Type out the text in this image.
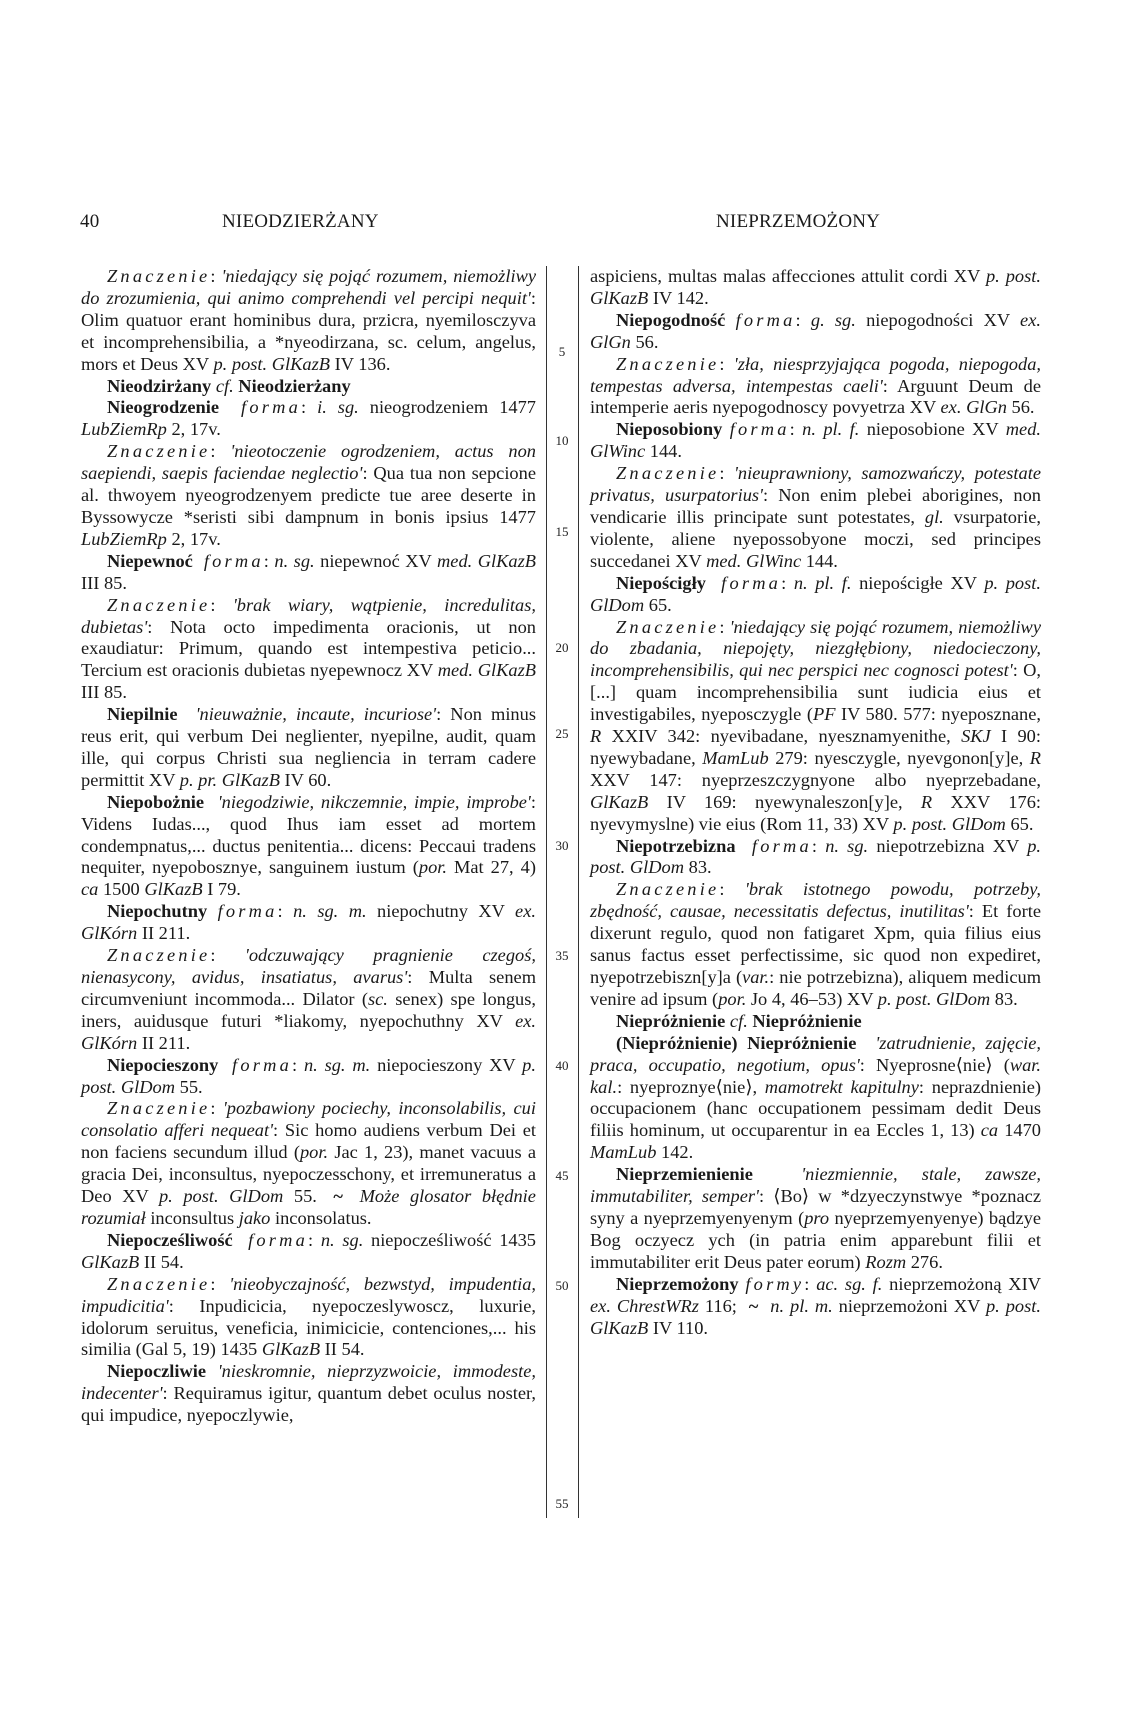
40	NIEODZIERŻANY	NIEPRZEMOŻONY
5
10
15
20
25
30
35
40
45
50
55

Znaczenie: 'niedający się pojąć rozumem, niemożliwy do zrozumienia, qui animo comprehendi vel percipi nequit': Olim quatuor erant hominibus dura, przicra, nyemilosczyva et incomprehensibilia, a *nyeodirzana, sc. celum, angelus, mors et Deus XV p. post. GlKazB IV 136.

Nieodzirżany cf. Nieodzierżany

Nieogrodzenie forma: i. sg. nieogrodzeniem 1477 LubZiemRp 2, 17v.

Znaczenie: 'nieotoczenie ogrodzeniem, actus non saepiendi, saepis faciendae neglectio': Qua tua non sepcione al. thwoyem nyeogrodzenyem predicte tue aree deserte in Byssowycze *seristi sibi dampnum in bonis ipsius 1477 LubZiemRp 2, 17v.

Niepewnoć forma: n. sg. niepewnoć XV med. GlKazB III 85.

Znaczenie: 'brak wiary, wątpienie, incredulitas, dubietas': Nota octo impedimenta oracionis, ut non exaudiatur: Primum, quando est intempestiva peticio... Tercium est oracionis dubietas nyepewnocz XV med. GlKazB III 85.

Niepilnie 'nieuważnie, incaute, incuriose': Non minus reus erit, qui verbum Dei neglienter, nyepilne, audit, quam ille, qui corpus Christi sua negliencia in terram cadere permittit XV p. pr. GlKazB IV 60.

Niepobożnie 'niegodziwie, nikczemnie, impie, improbe': Videns Iudas..., quod Ihus iam esset ad mortem condempnatus,... ductus penitentia... dicens: Peccaui tradens nequiter, nyepobosznye, sanguinem iustum (por. Mat 27, 4) ca 1500 GlKazB I 79.

Niepochutny forma: n. sg. m. niepochutny XV ex. GlKórn II 211.

Znaczenie: 'odczuwający pragnienie czegoś, nienasycony, avidus, insatiatus, avarus': Multa senem circumveniunt incommoda... Dilator (sc. senex) spe longus, iners, auidusque futuri *liakomy, nyepochuthny XV ex. GlKórn II 211.

Niepocieszony forma: n. sg. m. niepocieszony XV p. post. GlDom 55.

Znaczenie: 'pozbawiony pociechy, inconsolabilis, cui consolatio afferi nequeat': Sic homo audiens verbum Dei et non faciens secundum illud (por. Jac 1, 23), manet vacuus a gracia Dei, inconsultus, nyepoczesschony, et irremuneratus a Deo XV p. post. GlDom 55. ~ Może glosator błędnie rozumiał inconsultus jako inconsolatus.

Niepocześliwość forma: n. sg. niepocześliwość 1435 GlKazB II 54.

Znaczenie: 'nieobyczajność, bezwstyd, impudentia, impudicitia': Inpudicicia, nyepoczeslywoscz, luxurie, idolorum seruitus, veneficia, inimicicie, contenciones,... his similia (Gal 5, 19) 1435 GlKazB II 54.

Niepoczliwie 'nieskromnie, nieprzyzwoicie, immodeste, indecenter': Requiramus igitur, quantum debet oculus noster, qui impudice, nyepoczlywie,

aspiciens, multas malas affecciones attulit cordi XV p. post. GlKazB IV 142.

Niepogodność forma: g. sg. niepogodności XV ex. GlGn 56.

Znaczenie: 'zła, niesprzyjająca pogoda, niepogoda, tempestas adversa, intempestas caeli': Arguunt Deum de intemperie aeris nyepogodnoscy povyetrza XV ex. GlGn 56.

Nieposobiony forma: n. pl. f. nieposobione XV med. GlWinc 144.

Znaczenie: 'nieuprawniony, samozwańczy, potestate privatus, usurpatorius': Non enim plebei aborigines, non vendicarie illis principate sunt potestates, gl. vsurpatorie, violente, aliene nyepossobyone moczi, sed principes succedanei XV med. GlWinc 144.

Niepościgły forma: n. pl. f. niepościgłe XV p. post. GlDom 65.

Znaczenie: 'niedający się pojąć rozumem, niemożliwy do zbadania, niepojęty, niezgłębiony, niedocieczony, incomprehensibilis, qui nec perspici nec cognosci potest': O, [...] quam incomprehensibilia sunt iudicia eius et investigabiles, nyeposczygle (PF IV 580. 577: nyeposznane, R XXIV 342: nyevibadane, nyesznamyenithe, SKJ I 90: nyewybadane, MamLub 279: nyesczygle, nyevgonon[y]e, R XXV 147: nyeprzeszczygnyone albo nyeprzebadane, GlKazB IV 169: nyewynaleszon[y]e, R XXV 176: nyevymyslne) vie eius (Rom 11, 33) XV p. post. GlDom 65.

Niepotrzebizna forma: n. sg. niepotrzebizna XV p. post. GlDom 83.

Znaczenie: 'brak istotnego powodu, potrzeby, zbędność, causae, necessitatis defectus, inutilitas': Et forte dixerunt regulo, quod non fatigaret Xpm, quia filius eius sanus factus esset perfectissime, sic quod non expediret, nyepotrzebiszn[y]a (var.: nie potrzebizna), aliquem medicum venire ad ipsum (por. Jo 4, 46–53) XV p. post. GlDom 83.

Niepróżnienie cf. Niepróżnienie

(Niepróżnienie) Niepróżnienie 'zatrudnienie, zajęcie, praca, occupatio, negotium, opus': Nyeprosne⟨nie⟩ (war. kal.: nyeproznye⟨nie⟩, mamotrekt kapitulny: neprazdnienie) occupacionem (hanc occupationem pessimam dedit Deus filiis hominum, ut occuparentur in ea Eccles 1, 13) ca 1470 MamLub 142.

Nieprzemienienie	'niezmiennie, stale, zawsze, immutabiliter, semper': ⟨Bo⟩ w *dzyeczynstwye *poznacz syny a nyeprzemyenyenym (pro nyeprzemyenyenye) bądzye Bog oczyecz ych (in patria enim apparebunt filii et immutabiliter erit Deus pater eorum) Rozm 276.

Nieprzemożony formy: ac. sg. f. nieprzemożoną XIV ex. ChrestWRz 116; ~ n. pl. m. nieprzemożoni XV p. post. GlKazB IV 110.
